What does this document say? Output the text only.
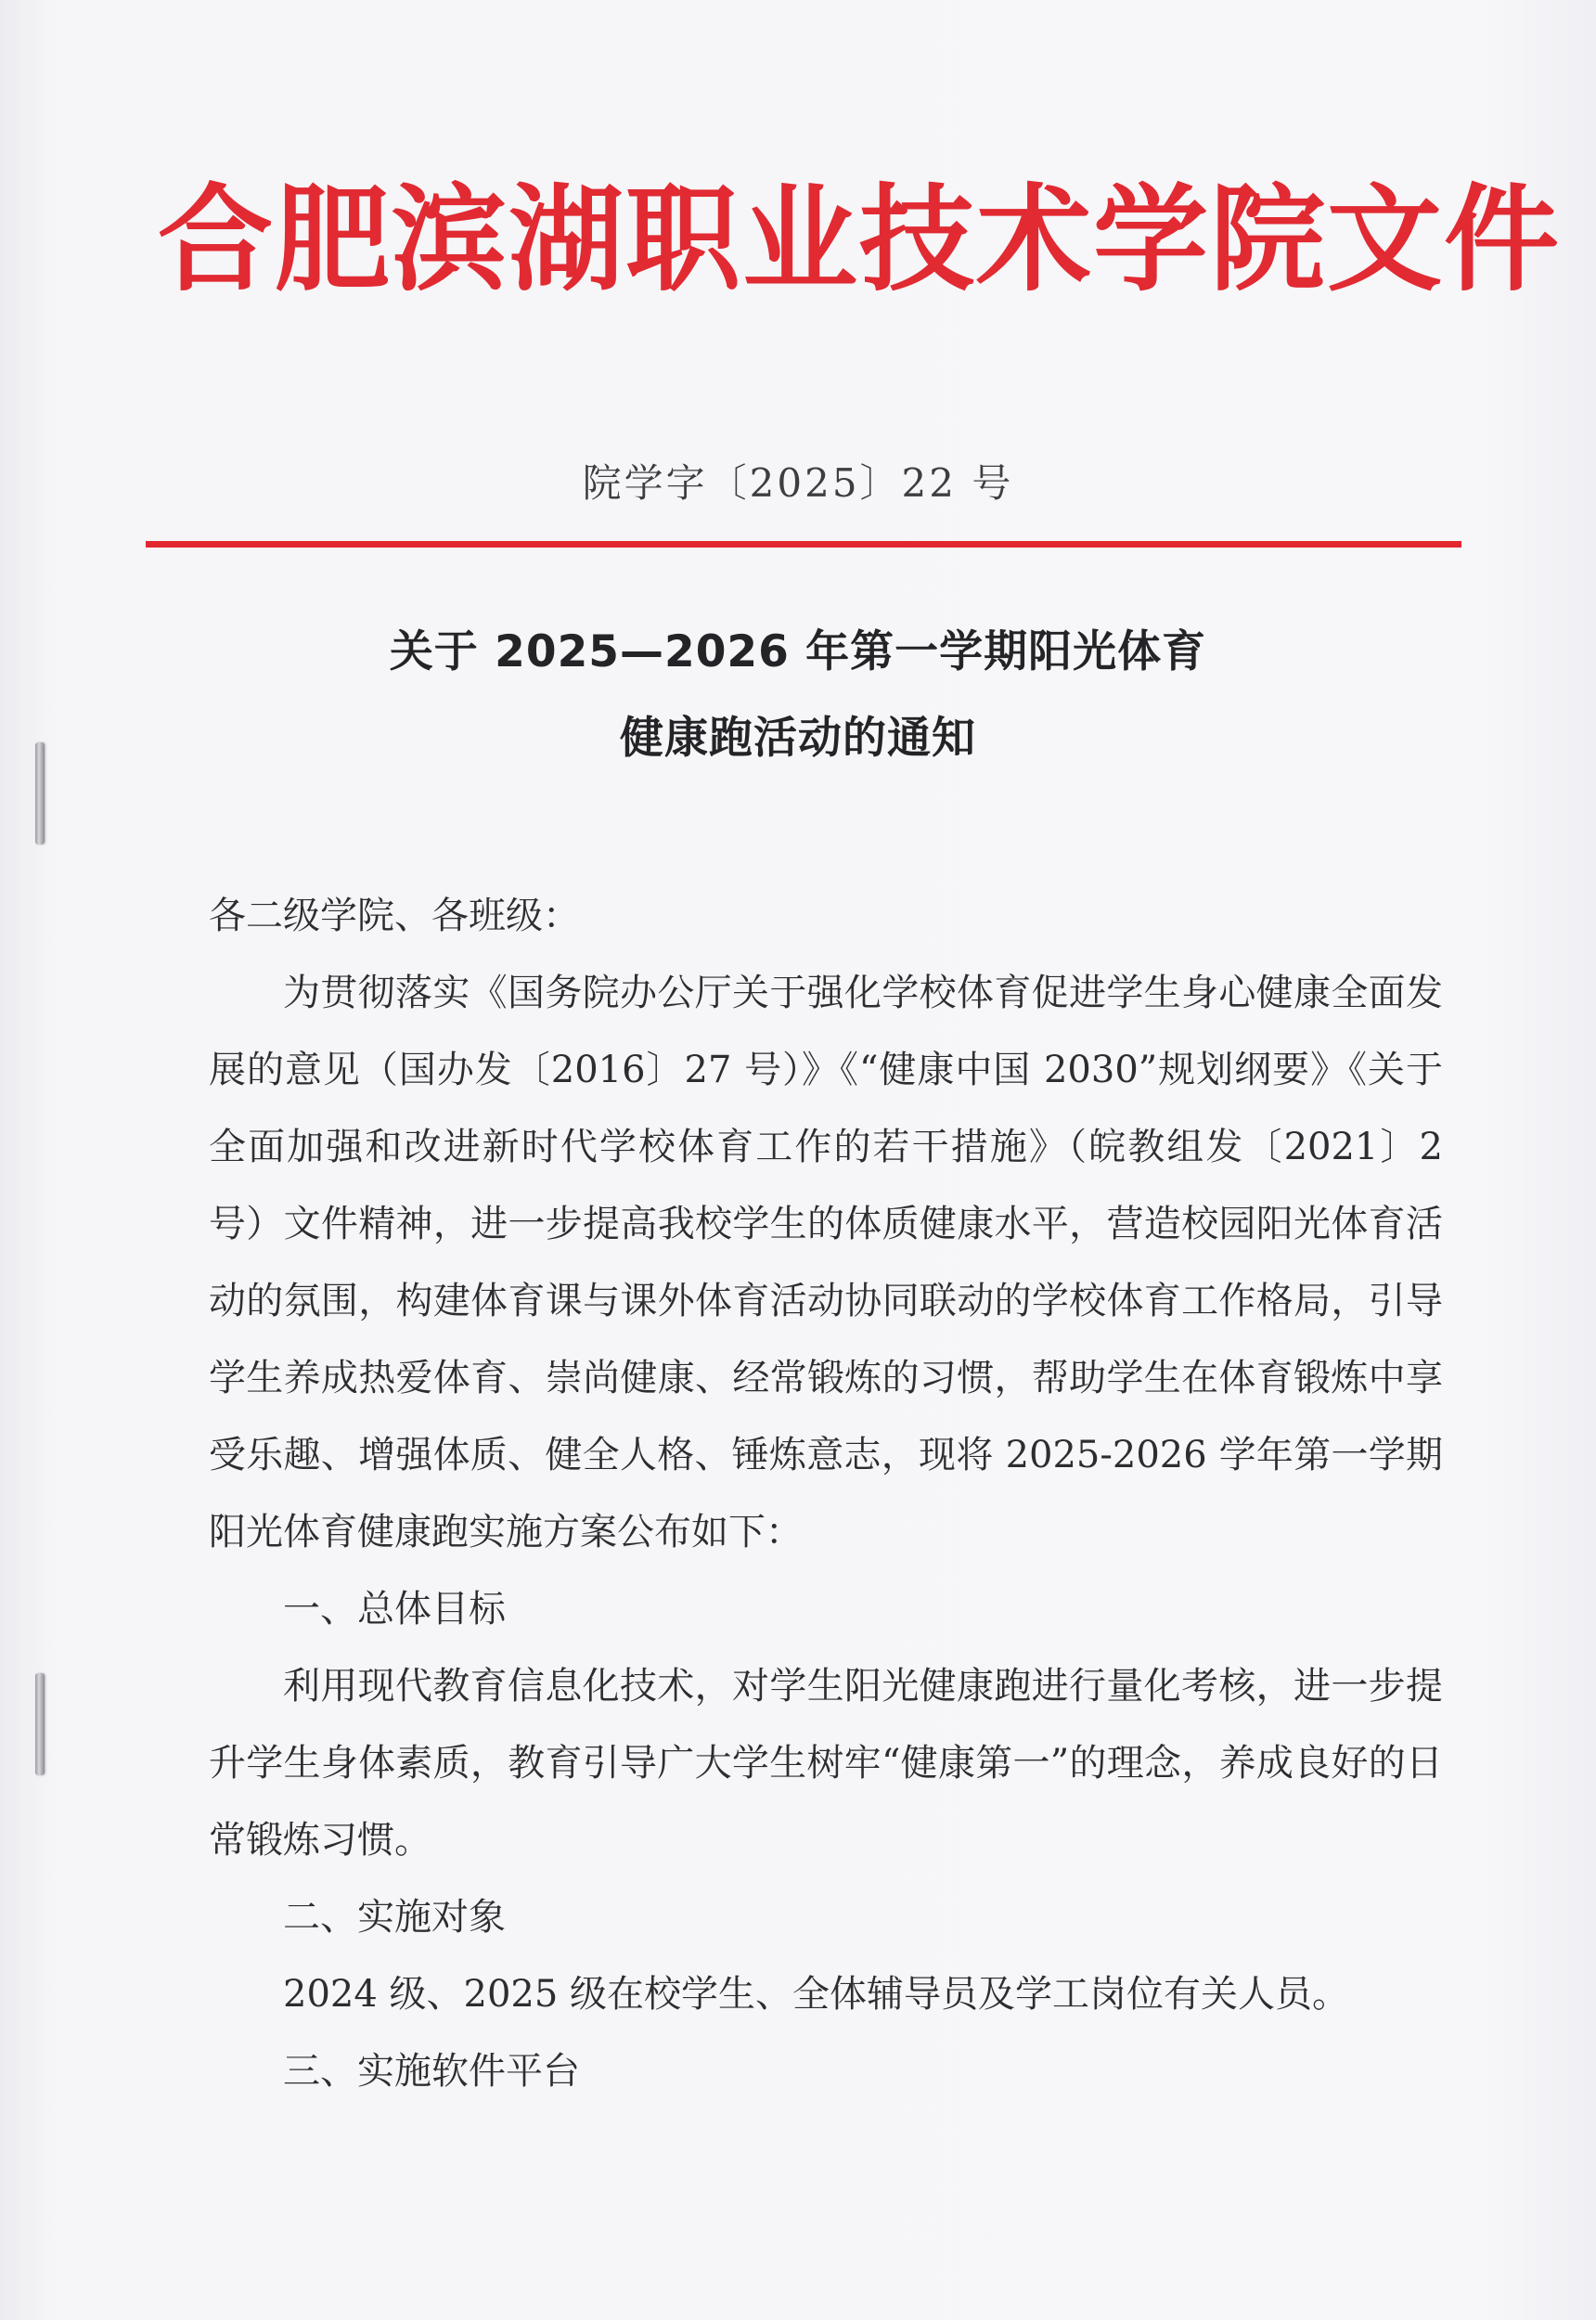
合肥滨湖职业技术学院文件
院学字〔2025〕22 号
关于 2025—2026 年第一学期阳光体育
健康跑活动的通知

各二级学院、各班级：

为贯彻落实《国务院办公厅关于强化学校体育促进学生身心健康全面发展的意见（国办发〔2016〕27 号）》《“健康中国 2030”规划纲要》《关于全面加强和改进新时代学校体育工作的若干措施》（皖教组发〔2021〕2 号）文件精神，进一步提高我校学生的体质健康水平，营造校园阳光体育活动的氛围，构建体育课与课外体育活动协同联动的学校体育工作格局，引导学生养成热爱体育、崇尚健康、经常锻炼的习惯，帮助学生在体育锻炼中享受乐趣、增强体质、健全人格、锤炼意志，现将 2025-2026 学年第一学期阳光体育健康跑实施方案公布如下：

一、总体目标

利用现代教育信息化技术，对学生阳光健康跑进行量化考核，进一步提升学生身体素质，教育引导广大学生树牢“健康第一”的理念，养成良好的日常锻炼习惯。

二、实施对象

2024 级、2025 级在校学生、全体辅导员及学工岗位有关人员。

三、实施软件平台
